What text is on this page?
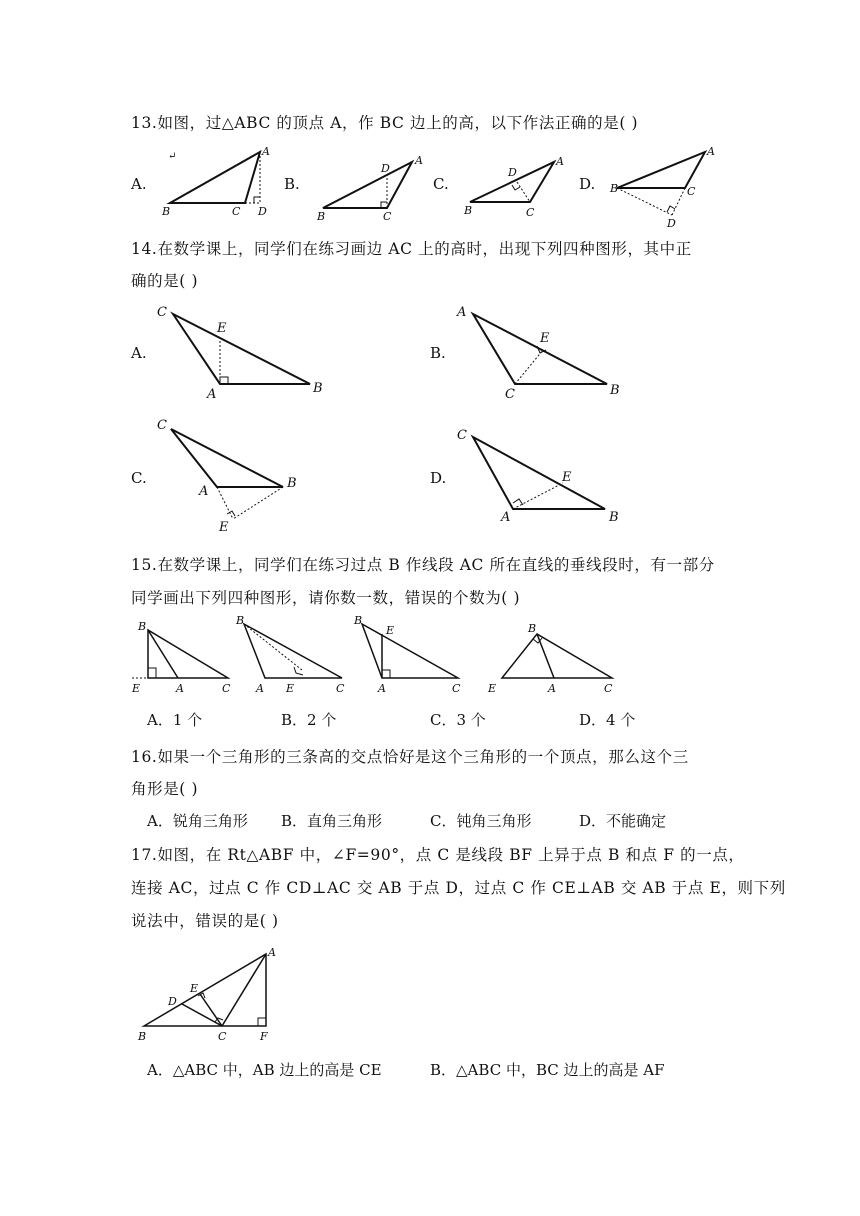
13.如图，过△ABC 的顶点 A，作 BC 边上的高，以下作法正确的是( )
A.
↵	A
B	C D
B.
A
B	C
D
C.
A
B	C
D
D.
A
B	C
D
14.在数学课上，同学们在练习画边 AC 上的高时，出现下列四种图形，其中正
确的是( )
A.
C
E
A	B
B.
A
E
C	B
C.
C
A
B
E
D.
C
E
A	B
15.在数学课上，同学们在练习过点 B 作线段 AC 所在直线的垂线段时，有一部分
同学画出下列四种图形，请你数一数，错误的个数为( )
B
E	A	C
B
A E	C
B
E
A	C
B
E	A	C
A．1 个	B．2 个	C．3 个	D．4 个
16.如果一个三角形的三条高的交点恰好是这个三角形的一个顶点，那么这个三
角形是( )
A．锐角三角形 B．直角三角形	C．钝角三角形	D．不能确定
17.如图，在 Rt△ABF 中，∠F=90°，点 C 是线段 BF 上异于点 B 和点 F 的一点，
连接 AC，过点 C 作 CD⊥AC 交 AB 于点 D，过点 C 作 CE⊥AB 交 AB 于点 E，则下列
说法中，错误的是( )
A
E
D
B	C	F
A．△ABC 中，AB 边上的高是 CE	B．△ABC 中，BC 边上的高是 AF
